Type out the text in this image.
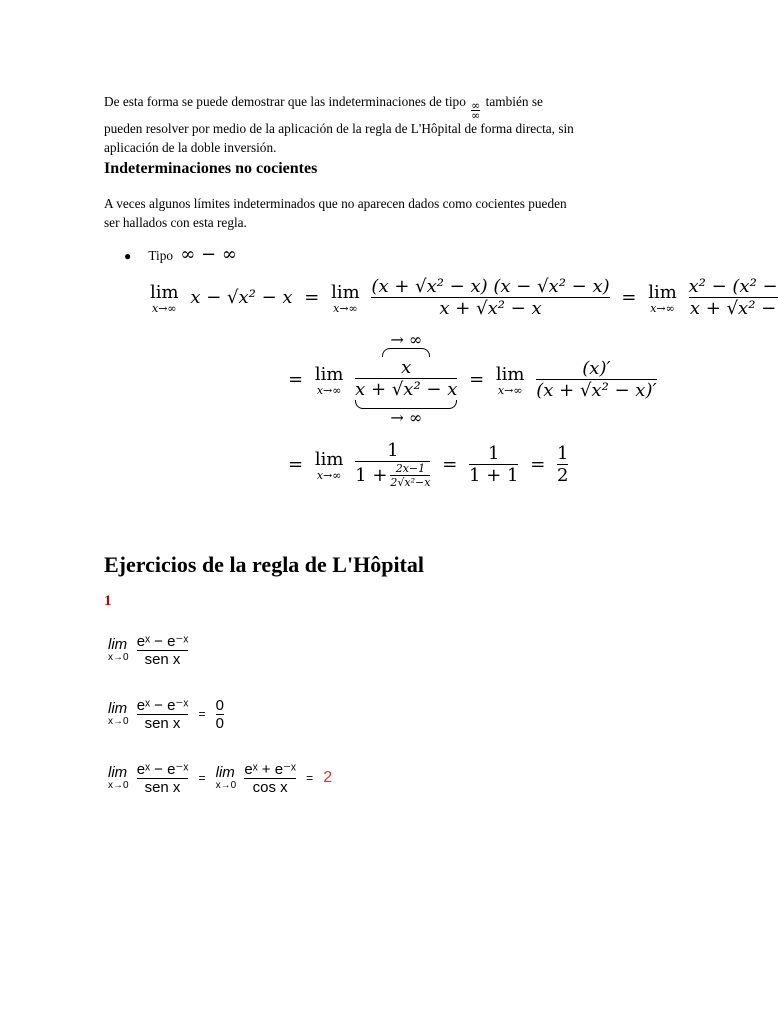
De esta forma se puede demostrar que las indeterminaciones de tipo $\frac{\infty}{\infty}$ también se
pueden resolver por medio de la aplicación de la regla de L'Hôpital de forma directa, sin
aplicación de la doble inversión.
Indeterminaciones no cocientes
A veces algunos límites indeterminados que no aparecen dados como cocientes pueden
ser hallados con esta regla.
● Tipo ∞ − ∞
lim
x→∞ x − √x² − x = lim
x→∞
$\frac{\text{(x + √x² − x) (x − √x² − x)}}{\text{x + √x² − x}} = \lim$
x→∞
$\frac{\text{x² − (x² −}}{\text{x + √x² −}}$
= lim
x→∞

→ ∞
x
x + √x² − x
→ ∞
= lim
x→∞
$\frac{(x)'}{\text{(x + √x² − x)′}}$
= lim
x→∞
$\frac{1}{1 + \frac{2x-1}{\text{2√x²−x}}} = \frac{1}{1 + 1} = \frac{1}{2}$
Ejercicios de la regla de L'Hôpital
1
lim
x→0
$\frac{\text{eˣ − e⁻ˣ}}{\text{sen x}}$
lim
x→0
$\frac{\text{eˣ − e⁻ˣ}}{\text{sen x}} = \frac{0}{0}$
lim
x→0
$\frac{\text{eˣ − e⁻ˣ}}{\text{sen x}} = \lim$
x→0
$\frac{\text{eˣ + e⁻ˣ}}{\text{cos x}} = 2$
